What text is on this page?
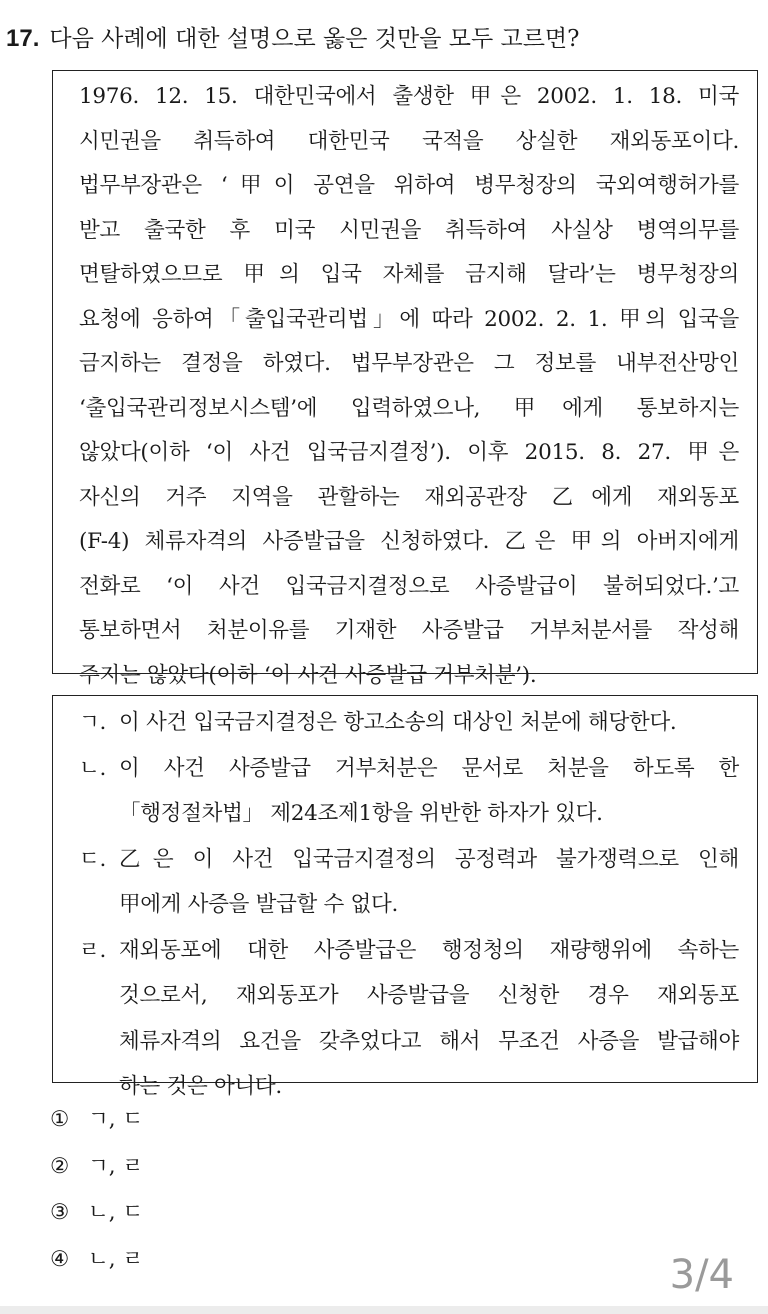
17. 다음 사례에 대한 설명으로 옳은 것만을 모두 고르면?
1976. 12. 15. 대한민국에서 출생한 甲은 2002. 1. 18. 미국
시민권을 취득하여 대한민국 국적을 상실한 재외동포이다.
법무부장관은 ‘甲이 공연을 위하여 병무청장의 국외여행허가를
받고 출국한 후 미국 시민권을 취득하여 사실상 병역의무를
면탈하였으므로 甲의 입국 자체를 금지해 달라’는 병무청장의
요청에 응하여「출입국관리법」에 따라 2002. 2. 1. 甲의 입국을
금지하는 결정을 하였다. 법무부장관은 그 정보를 내부전산망인
‘출입국관리정보시스템’에 입력하였으나, 甲에게 통보하지는
않았다(이하 ‘이 사건 입국금지결정’). 이후 2015. 8. 27. 甲은
자신의 거주 지역을 관할하는 재외공관장 乙에게 재외동포
(F-4) 체류자격의 사증발급을 신청하였다. 乙은 甲의 아버지에게
전화로 ‘이 사건 입국금지결정으로 사증발급이 불허되었다.’고
통보하면서 처분이유를 기재한 사증발급 거부처분서를 작성해
주지는 않았다(이하 ‘이 사건 사증발급 거부처분’).
ㄱ. 이 사건 입국금지결정은 항고소송의 대상인 처분에 해당한다.
ㄴ. 이 사건 사증발급 거부처분은 문서로 처분을 하도록 한
「행정절차법」 제24조제1항을 위반한 하자가 있다.
ㄷ. 乙은 이 사건 입국금지결정의 공정력과 불가쟁력으로 인해
甲에게 사증을 발급할 수 없다.
ㄹ. 재외동포에 대한 사증발급은 행정청의 재량행위에 속하는
것으로서, 재외동포가 사증발급을 신청한 경우 재외동포
체류자격의 요건을 갖추었다고 해서 무조건 사증을 발급해야
하는 것은 아니다.
① ㄱ, ㄷ
② ㄱ, ㄹ
③ ㄴ, ㄷ
④ ㄴ, ㄹ	3/4
